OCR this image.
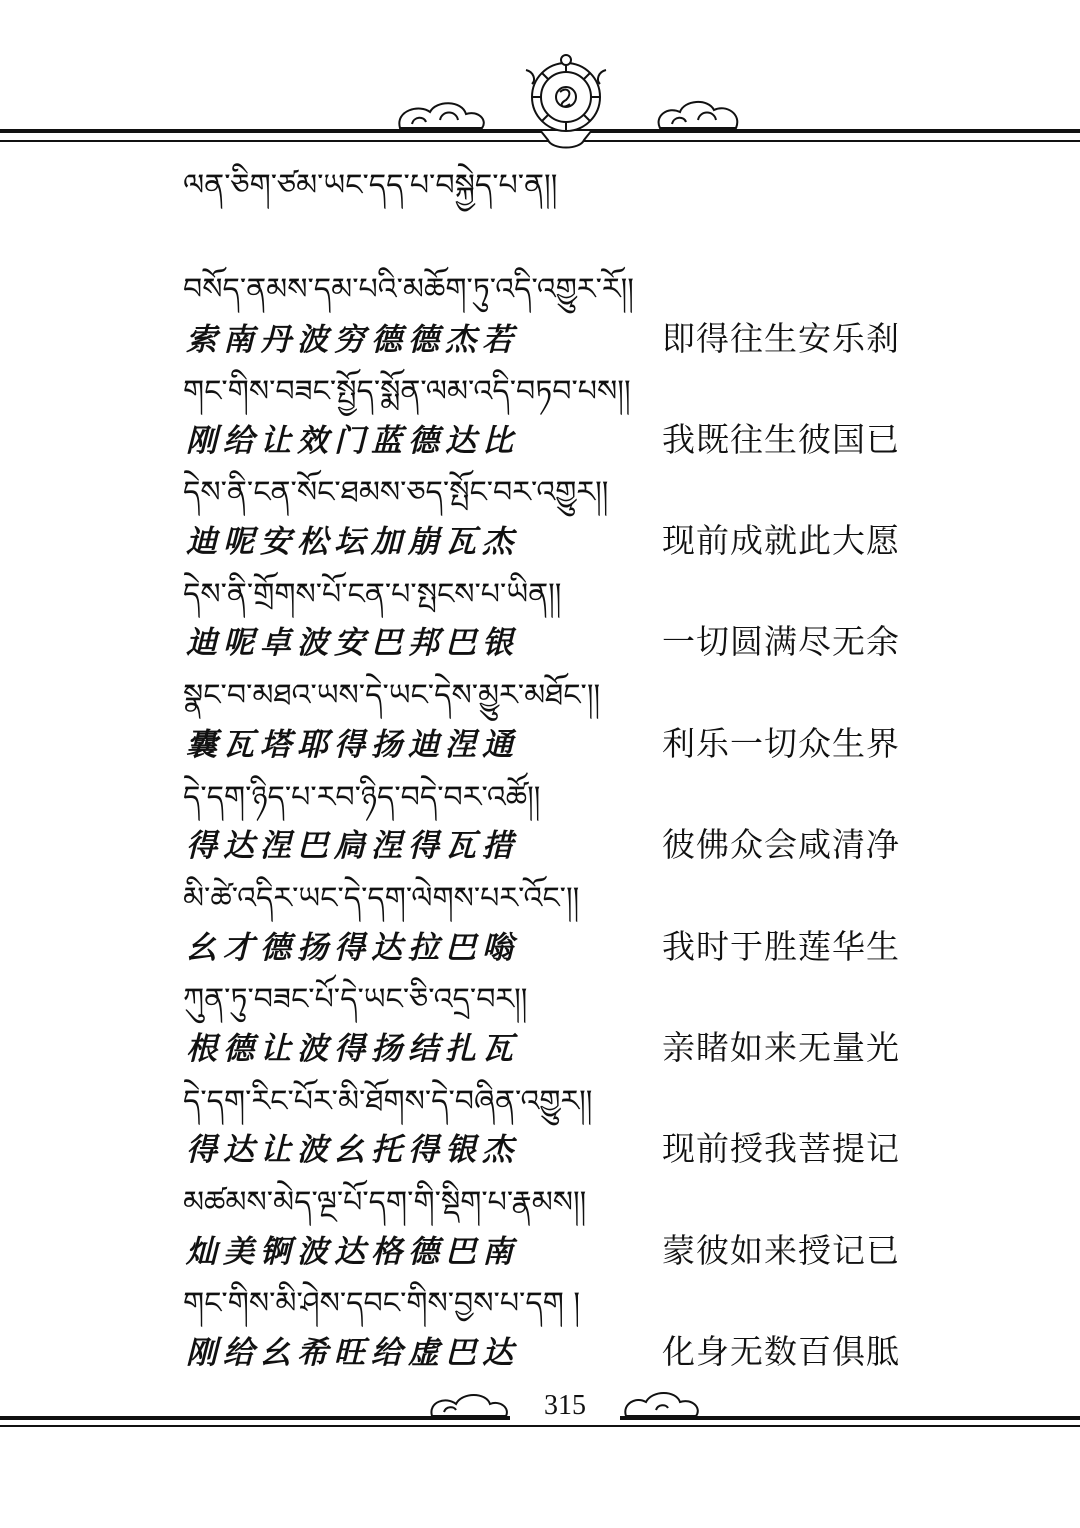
ལན་ཅིག་ཙམ་ཡང་དད་པ་བསྐྱེད་པ་ན།།
བསོད་ནམས་དམ་པའི་མཆོག་ཏུ་འདི་འགྱུར་རོ།།
索南丹波穷德德杰若	即得往生安乐刹
གང་གིས་བཟང་སྤྱོད་སྨོན་ལམ་འདི་བཏབ་པས།།
刚给让效门蓝德达比	我既往生彼国已
དེས་ནི་ངན་སོང་ཐམས་ཅད་སྤོང་བར་འགྱུར།།
迪呢安松坛加崩瓦杰	现前成就此大愿
དེས་ནི་གྲོགས་པོ་ངན་པ་སྤངས་པ་ཡིན།།
迪呢卓波安巴邦巴银	一切圆满尽无余
སྣང་བ་མཐའ་ཡས་དེ་ཡང་དེས་མྱུར་མཐོང་།།
囊瓦塔耶得扬迪涅通	利乐一切众生界
དེ་དག་ཉིད་པ་རབ་ཉིད་བདེ་བར་འཚོ།།
得达涅巴扃涅得瓦措	彼佛众会咸清净
མི་ཚེ་འདིར་ཡང་དེ་དག་ལེགས་པར་འོང་།།
幺才德扬得达拉巴嗡	我时于胜莲华生
ཀུན་ཏུ་བཟང་པོ་དེ་ཡང་ཅི་འདྲ་བར།།
根德让波得扬结扎瓦	亲睹如来无量光
དེ་དག་རིང་པོར་མི་ཐོགས་དེ་བཞིན་འགྱུར།།
得达让波幺托得银杰	现前授我菩提记
མཚམས་མེད་ལྔ་པོ་དག་གི་སྡིག་པ་རྣམས།།
灿美锕波达格德巴南	蒙彼如来授记已
གང་གིས་མི་ཤེས་དབང་གིས་བྱས་པ་དག །
刚给幺希旺给虚巴达	化身无数百俱胝
315
